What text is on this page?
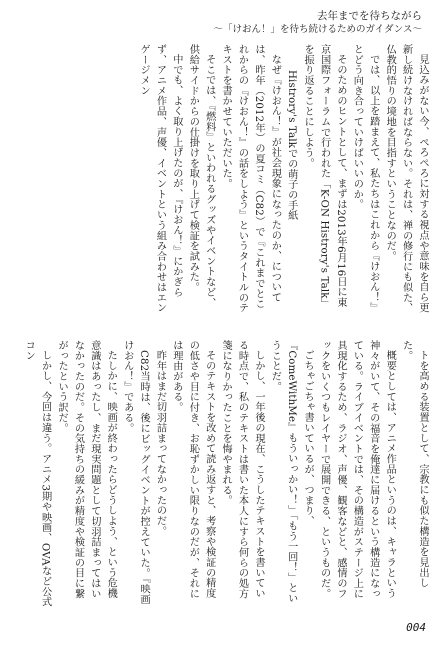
去年までを待ちながら
〜「けおん！」を待ち続けるためのガイダンス〜

見込みがない今、ぺろぺろに対する視点や意味を自ら更新し続けなければならない。それは、禅の修行にも似た、仏教的悟りの境地を目指すということなのだ。

では、以上を踏まえて、私たちはこれから『けおん！』とどう向き合っていけばいいのか。

そのためのヒントとして、まずは2013年6月16日に東京国際フォーラムで行われた「K-ON Histrory's Talk」を振り返ることにしよう。

Histrory's Talkでの萌子の手紙

なぜ『けおん！』が社会現象になったのか、については、昨年（2012年）の夏コミ（C82）で『これまでとこれからの『けおん！』の話をしよう』というタイトルのテキストを書かせていただいた。

そこでは、『燃料』といわれるグッズやイベントなど、供給サイドからの仕掛けを取り上げて検証を試みた。

中でも、よく取り上げたのが、『けおん！』にかぎらず、アニメ作品、声優、イベントという組み合わせはエンゲージメン

トを高める装置として、宗教にも似た構造を見出した。

概要としては、アニメ作品というのは、キャラという神々がいて、その福音を俺達に届けるという構造になっている。ライブイベントでは、その構造がステージ上に具現化するため、ラジオ、声優、観客などと、感情のフックをいくつもレイヤーで展開できる、というものだ。

ごちゃごちゃ書いているが、つまり、『ComeWithMe』もういっかい！」「もう一回！」ということだ。

しかし、一年後の現在、こうしたテキストを書いている時点で、私のテキストは書いた本人にすら何らの処方箋になりかったことを悔やまれる。

そのテキストを改めて読み返すと、考察や検証の精度の低さや目に付き、お恥ずかしい限りなのだが、それには理由がある。

昨年はまだ切羽詰まってなかったのだ。

C82当時は、後にビッグイベントが控えていた。『映画けおん！』である。

たしかに、映画が終わったらどうしよう、という危機意識はあったし、まだ現実問題として切羽詰まってはいなかったのだ。その気持ちの緩みが精度や検証の目に繋がったという訳だ。

しかし、今回は違う。アニメ3期や映画、OVAなど公式コン

004
